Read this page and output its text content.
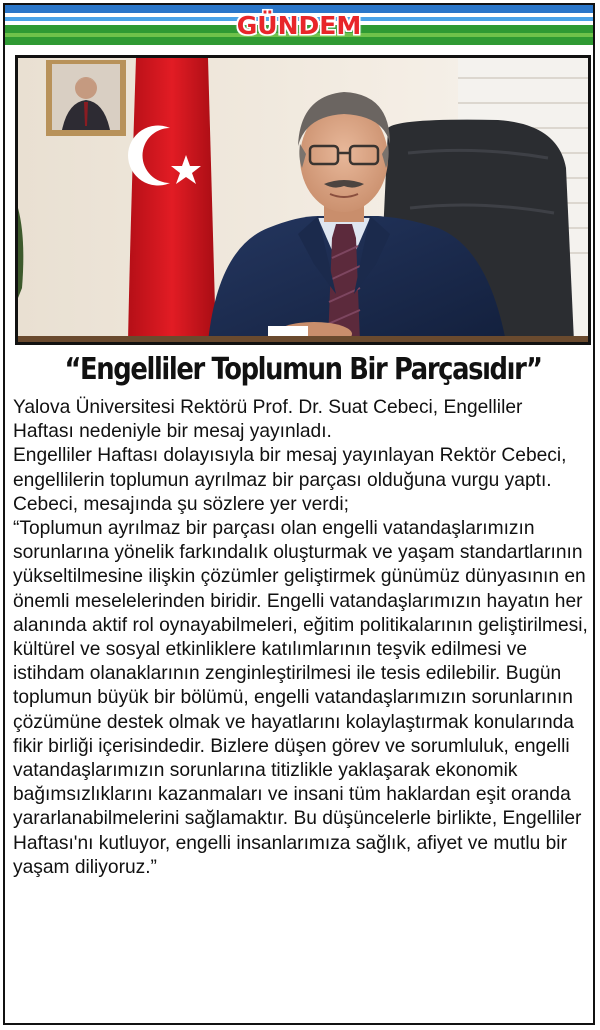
GÜNDEM
“Engelliler Toplumun Bir Parçasıdır”

Yalova Üniversitesi Rektörü Prof. Dr. Suat Cebeci, Engelliler Haftası nedeniyle bir mesaj yayınladı.

Engelliler Haftası dolayısıyla bir mesaj yayınlayan Rektör Cebeci, engellilerin toplumun ayrılmaz bir parçası olduğuna vurgu yaptı. Cebeci, mesajında şu sözlere yer verdi;

“Toplumun ayrılmaz bir parçası olan engelli vatandaşlarımızın sorunlarına yönelik farkındalık oluşturmak ve yaşam standartlarının yükseltilmesine ilişkin çözümler geliştirmek günümüz dünyasının en önemli meselelerinden biridir. Engelli vatandaşlarımızın hayatın her alanında aktif rol oynayabilmeleri, eğitim politikalarının geliştirilmesi, kültürel ve sosyal etkinliklere katılımlarının teşvik edilmesi ve istihdam olanaklarının zenginleştirilmesi ile tesis edilebilir. Bugün toplumun büyük bir bölümü, engelli vatandaşlarımızın sorunlarının çözümüne destek olmak ve hayatlarını kolaylaştırmak konularında fikir birliği içerisindedir. Bizlere düşen görev ve sorumluluk, engelli vatandaşlarımızın sorunlarına titizlikle yaklaşarak ekonomik bağımsızlıklarını kazanmaları ve insani tüm haklardan eşit oranda yararlanabilmelerini sağlamaktır. Bu düşüncelerle birlikte, Engelliler Haftası'nı kutluyor, engelli insanlarımıza sağlık, afiyet ve mutlu bir yaşam diliyoruz.”
